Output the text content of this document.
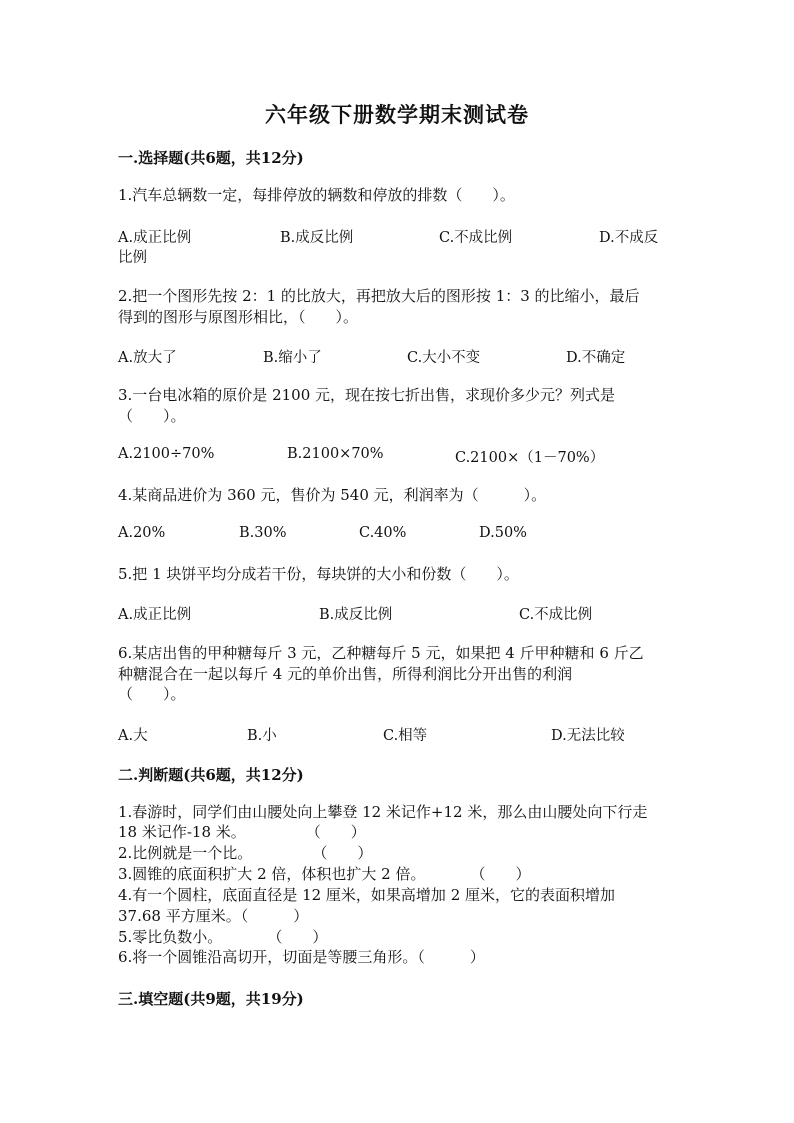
六年级下册数学期末测试卷
一.选择题(共6题，共12分)
1.汽车总辆数一定，每排停放的辆数和停放的排数（　　）。
A.成正比例	B.成反比例	C.不成比例	D.不成反
比例
2.把一个图形先按 2：1 的比放大，再把放大后的图形按 1：3 的比缩小，最后
得到的图形与原图形相比，（　　）。
A.放大了	B.缩小了	C.大小不变	D.不确定
3.一台电冰箱的原价是 2100 元，现在按七折出售，求现价多少元？列式是
（　　）。
A.2100÷70%	B.2100×70%	C.2100×（1－70%）
4.某商品进价为 360 元，售价为 540 元，利润率为（　　　）。
A.20%	B.30%	C.40%	D.50%
5.把 1 块饼平均分成若干份，每块饼的大小和份数（　　）。
A.成正比例	B.成反比例	C.不成比例
6.某店出售的甲种糖每斤 3 元，乙种糖每斤 5 元，如果把 4 斤甲种糖和 6 斤乙
种糖混合在一起以每斤 4 元的单价出售，所得利润比分开出售的利润
（　　）。
A.大	B.小	C.相等	D.无法比较
二.判断题(共6题，共12分)
1.春游时，同学们由山腰处向上攀登 12 米记作+12 米，那么由山腰处向下行走
18 米记作-18 米。　　　　　（　　）
2.比例就是一个比。　　　　　（　　）
3.圆锥的底面积扩大 2 倍，体积也扩大 2 倍。　　　　（　　）
4.有一个圆柱，底面直径是 12 厘米，如果高增加 2 厘米，它的表面积增加
37.68 平方厘米。（　　　）
5.零比负数小。　　　　（　　）
6.将一个圆锥沿高切开，切面是等腰三角形。（　　　）
三.填空题(共9题，共19分)
